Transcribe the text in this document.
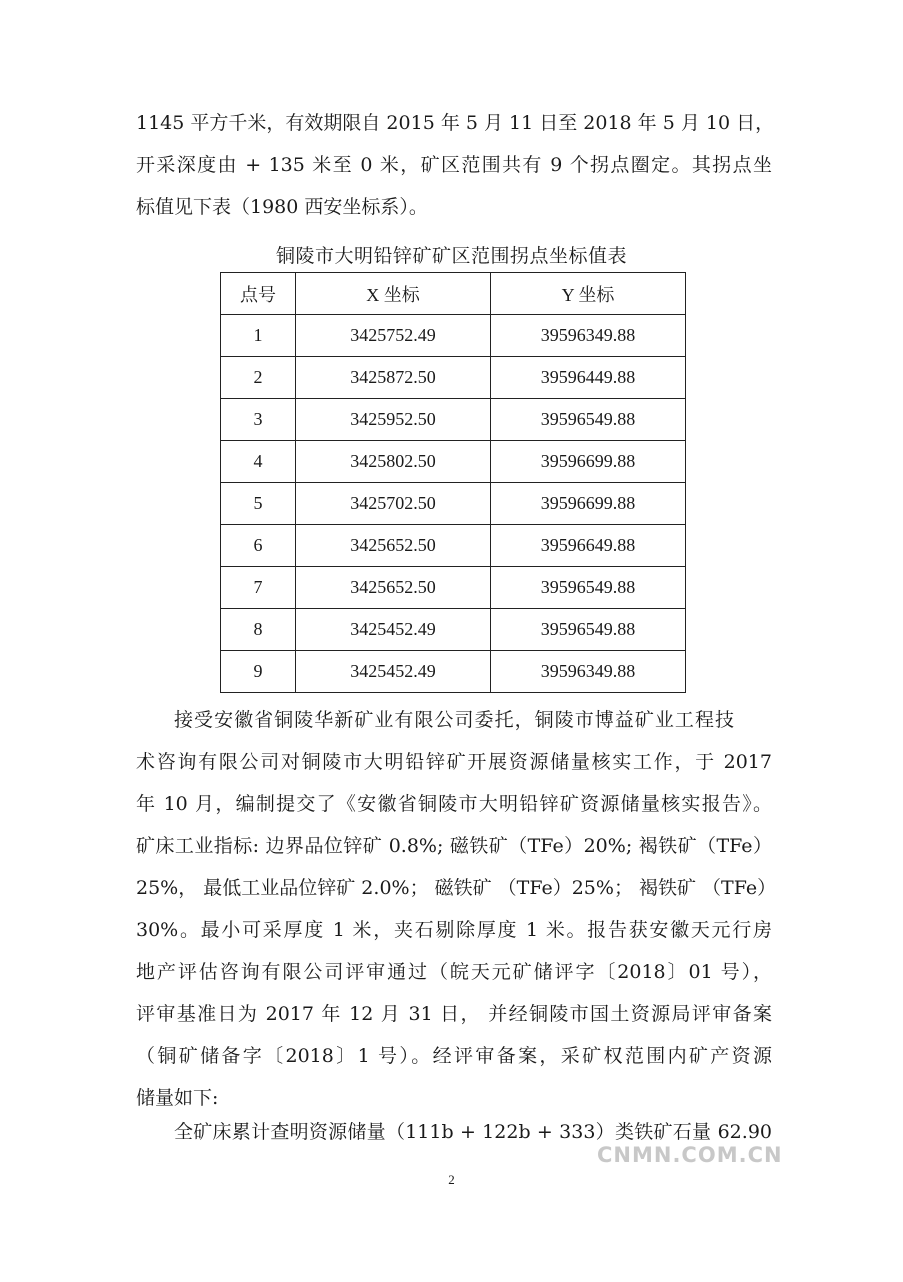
1145 平方千米，有效期限自 2015 年 5 月 11 日至 2018 年 5 月 10 日，
开采深度由 + 135 米至 0 米，矿区范围共有 9 个拐点圈定。其拐点坐
标值见下表（1980 西安坐标系）。

铜陵市大明铅锌矿矿区范围拐点坐标值表

点号	X 坐标	Y 坐标
1	3425752.49	39596349.88
2	3425872.50	39596449.88
3	3425952.50	39596549.88
4	3425802.50	39596699.88
5	3425702.50	39596699.88
6	3425652.50	39596649.88
7	3425652.50	39596549.88
8	3425452.49	39596549.88
9	3425452.49	39596349.88
接受安徽省铜陵华新矿业有限公司委托，铜陵市博益矿业工程技
术咨询有限公司对铜陵市大明铅锌矿开展资源储量核实工作，于 2017
年 10 月，编制提交了《安徽省铜陵市大明铅锌矿资源储量核实报告》。
矿床工业指标: 边界品位锌矿 0.8%; 磁铁矿（TFe）20%; 褐铁矿（TFe）
25%， 最低工业品位锌矿 2.0%； 磁铁矿 （TFe）25%； 褐铁矿 （TFe）
30%。最小可采厚度 1 米，夹石剔除厚度 1 米。报告获安徽天元行房
地产评估咨询有限公司评审通过（皖天元矿储评字〔2018〕01 号），
评审基准日为 2017 年 12 月 31 日， 并经铜陵市国土资源局评审备案
（铜矿储备字〔2018〕1 号）。经评审备案，采矿权范围内矿产资源
储量如下:
全矿床累计查明资源储量（111b + 122b + 333）类铁矿石量 62.90
CNMN.COM.CN
2
